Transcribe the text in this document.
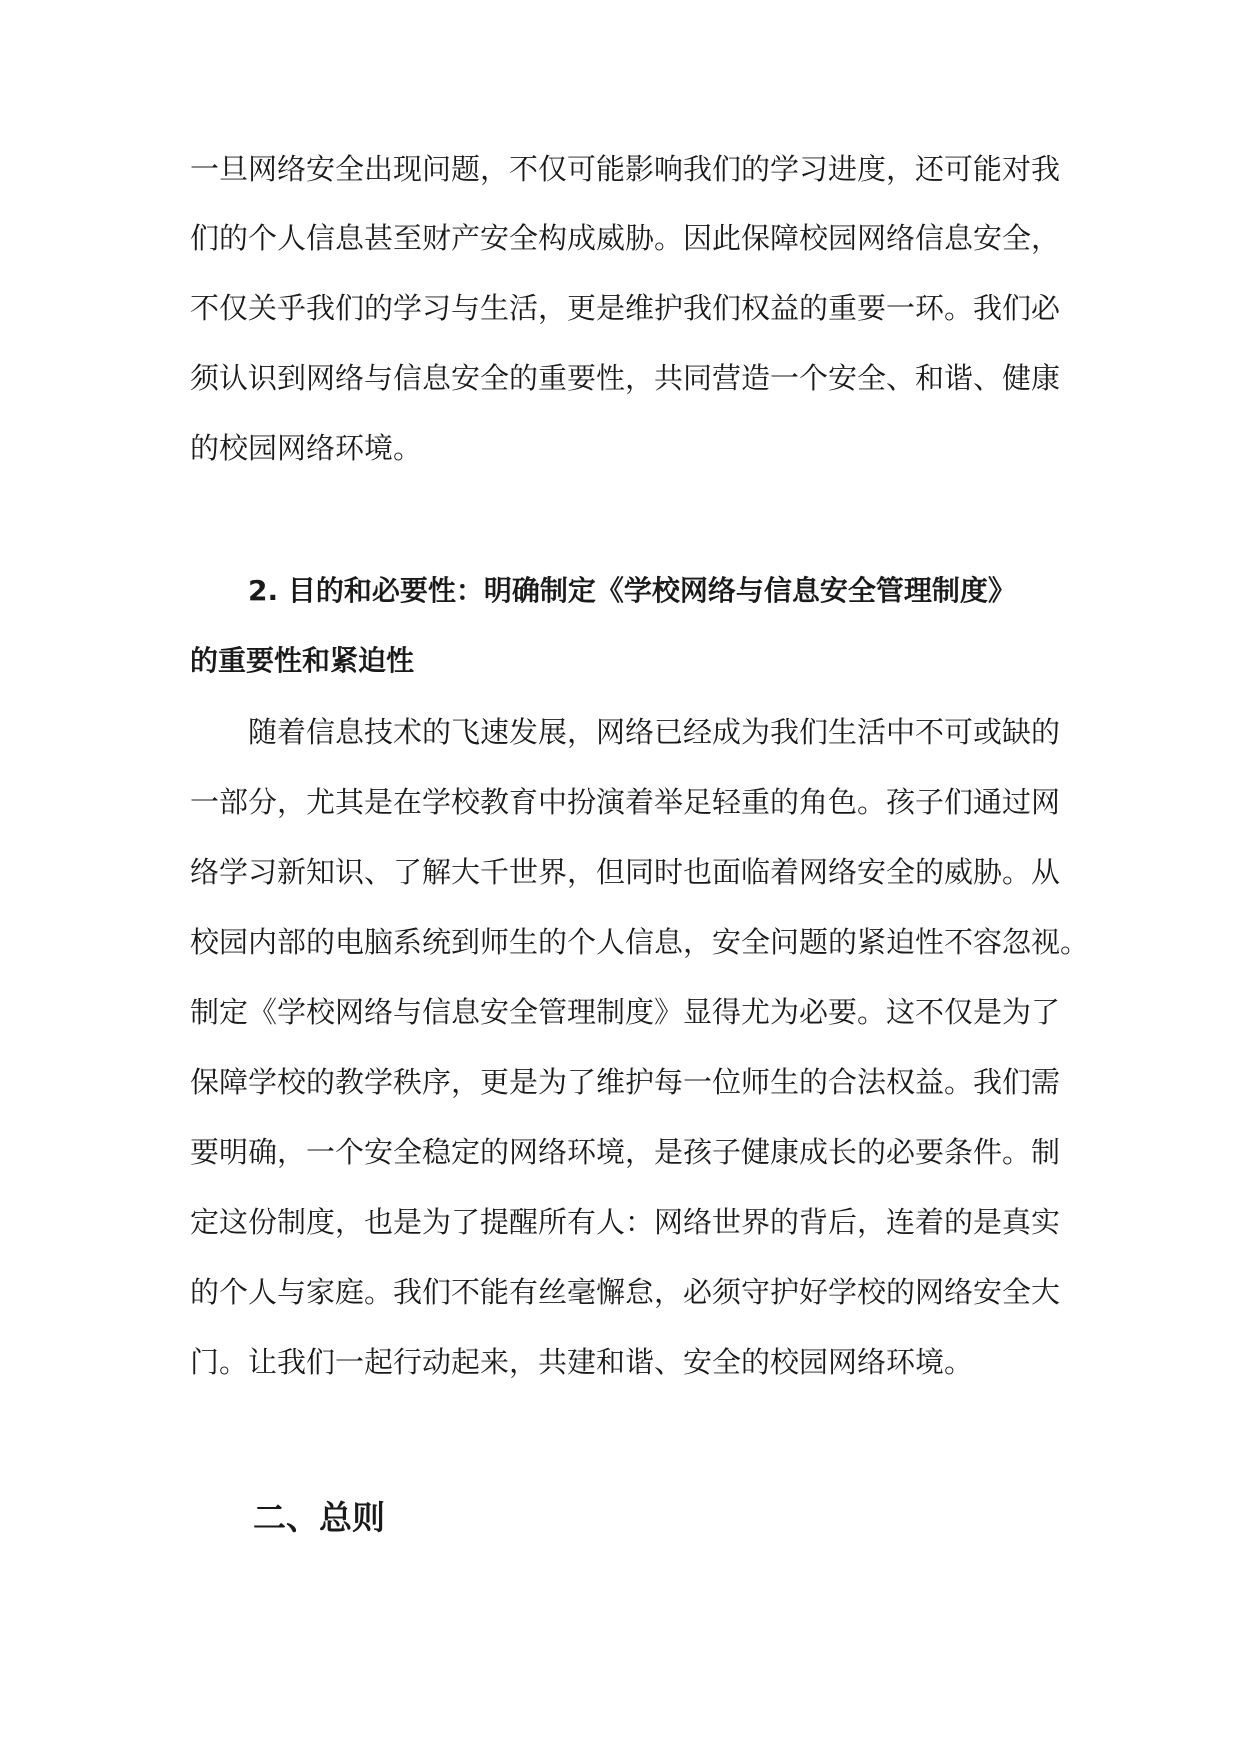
一旦网络安全出现问题，不仅可能影响我们的学习进度，还可能对我
们的个人信息甚至财产安全构成威胁。因此保障校园网络信息安全，
不仅关乎我们的学习与生活，更是维护我们权益的重要一环。我们必
须认识到网络与信息安全的重要性，共同营造一个安全、和谐、健康
的校园网络环境。
2. 目的和必要性：明确制定《学校网络与信息安全管理制度》
的重要性和紧迫性
随着信息技术的飞速发展，网络已经成为我们生活中不可或缺的
一部分，尤其是在学校教育中扮演着举足轻重的角色。孩子们通过网
络学习新知识、了解大千世界，但同时也面临着网络安全的威胁。从
校园内部的电脑系统到师生的个人信息，安全问题的紧迫性不容忽视。
制定《学校网络与信息安全管理制度》显得尤为必要。这不仅是为了
保障学校的教学秩序，更是为了维护每一位师生的合法权益。我们需
要明确，一个安全稳定的网络环境，是孩子健康成长的必要条件。制
定这份制度，也是为了提醒所有人：网络世界的背后，连着的是真实
的个人与家庭。我们不能有丝毫懈怠，必须守护好学校的网络安全大
门。让我们一起行动起来，共建和谐、安全的校园网络环境。
二、总则
